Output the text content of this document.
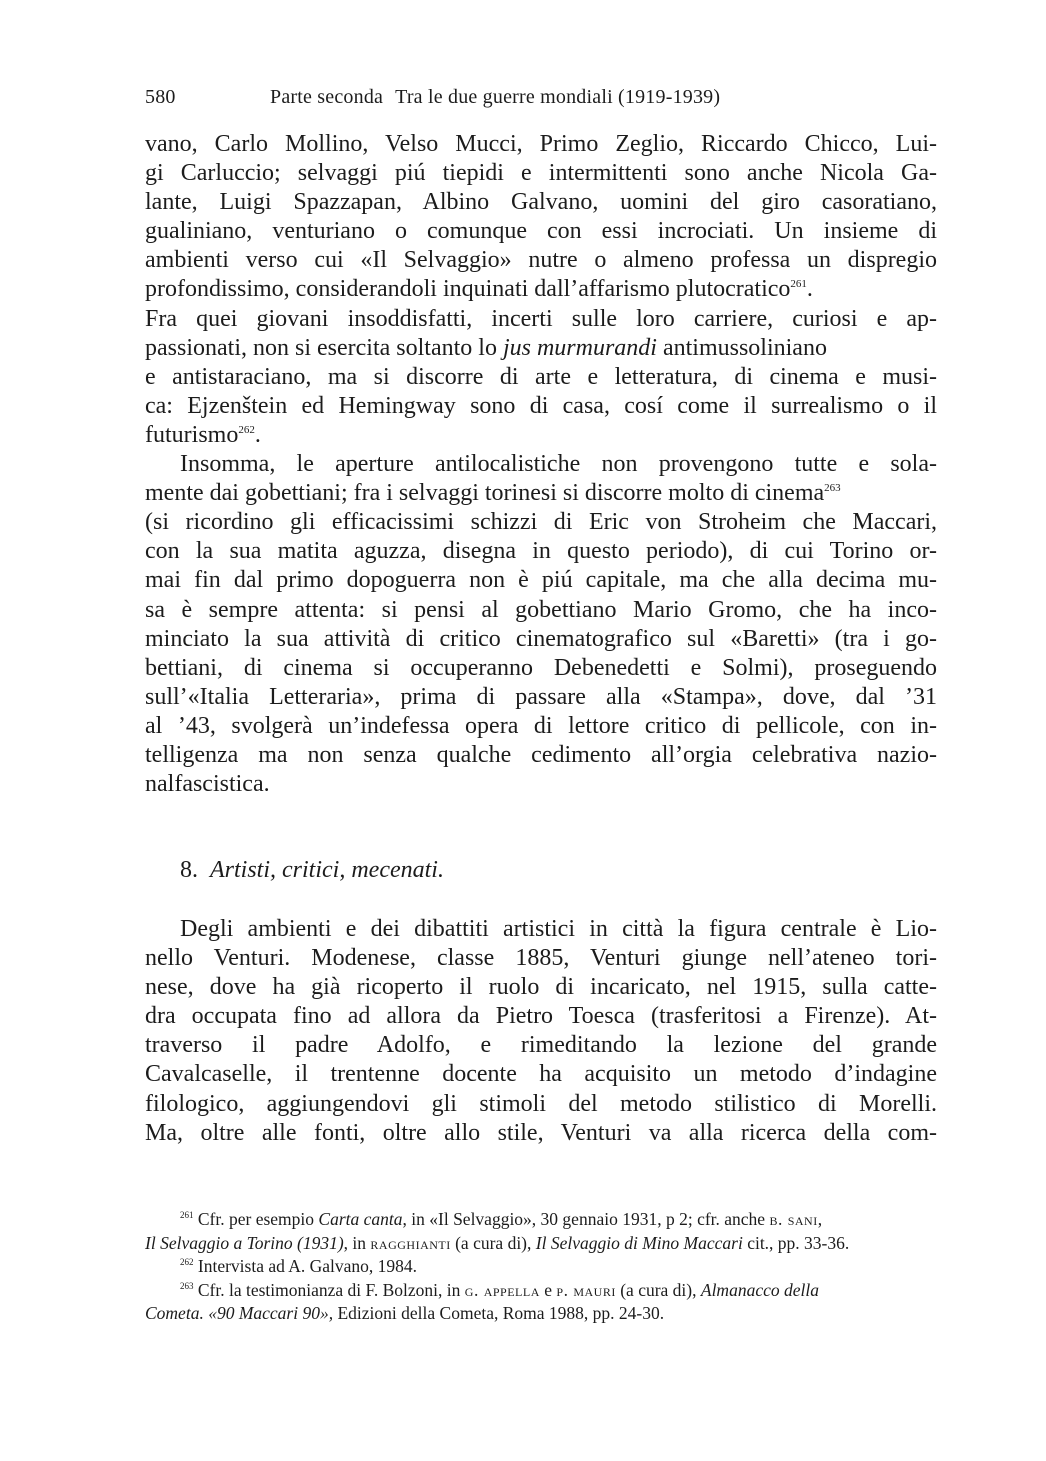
580	Parte seconda Tra le due guerre mondiali (1919-1939)
vano, Carlo Mollino, Velso Mucci, Primo Zeglio, Riccardo Chicco, Lui-
gi Carluccio; selvaggi piú tiepidi e intermittenti sono anche Nicola Ga-
lante, Luigi Spazzapan, Albino Galvano, uomini del giro casoratiano,
gualiniano, venturiano o comunque con essi incrociati. Un insieme di
ambienti verso cui «Il Selvaggio» nutre o almeno professa un dispregio
profondissimo, considerandoli inquinati dall’affarismo plutocratico$^{261}$.
Fra quei giovani insoddisfatti, incerti sulle loro carriere, curiosi e ap-
passionati, non si esercita soltanto lo jus murmurandi antimussoliniano
e antistaraciano, ma si discorre di arte e letteratura, di cinema e musi-
ca: Ejzenštein ed Hemingway sono di casa, cosí come il surrealismo o il
futurismo$^{262}$.
Insomma, le aperture antilocalistiche non provengono tutte e sola-
mente dai gobettiani; fra i selvaggi torinesi si discorre molto di cinema$^{263}$
(si ricordino gli efficacissimi schizzi di Eric von Stroheim che Maccari,
con la sua matita aguzza, disegna in questo periodo), di cui Torino or-
mai fin dal primo dopoguerra non è piú capitale, ma che alla decima mu-
sa è sempre attenta: si pensi al gobettiano Mario Gromo, che ha inco-
minciato la sua attività di critico cinematografico sul «Baretti» (tra i go-
bettiani, di cinema si occuperanno Debenedetti e Solmi), proseguendo
sull’«Italia Letteraria», prima di passare alla «Stampa», dove, dal ’31
al ’43, svolgerà un’indefessa opera di lettore critico di pellicole, con in-
telligenza ma non senza qualche cedimento all’orgia celebrativa nazio-
nalfascistica.
8. Artisti, critici, mecenati.
Degli ambienti e dei dibattiti artistici in città la figura centrale è Lio-
nello Venturi. Modenese, classe 1885, Venturi giunge nell’ateneo tori-
nese, dove ha già ricoperto il ruolo di incaricato, nel 1915, sulla catte-
dra occupata fino ad allora da Pietro Toesca (trasferitosi a Firenze). At-
traverso il padre Adolfo, e rimeditando la lezione del grande
Cavalcaselle, il trentenne docente ha acquisito un metodo d’indagine
filologico, aggiungendovi gli stimoli del metodo stilistico di Morelli.
Ma, oltre alle fonti, oltre allo stile, Venturi va alla ricerca della com-
$^{261}$ Cfr. per esempio Carta canta, in «Il Selvaggio», 30 gennaio 1931, p 2; cfr. anche b. sani,
Il Selvaggio a Torino (1931), in ragghianti (a cura di), Il Selvaggio di Mino Maccari cit., pp. 33-36.
$^{262}$ Intervista ad A. Galvano, 1984.
$^{263}$ Cfr. la testimonianza di F. Bolzoni, in g. appella e p. mauri (a cura di), Almanacco della
Cometa. «90 Maccari 90», Edizioni della Cometa, Roma 1988, pp. 24-30.
